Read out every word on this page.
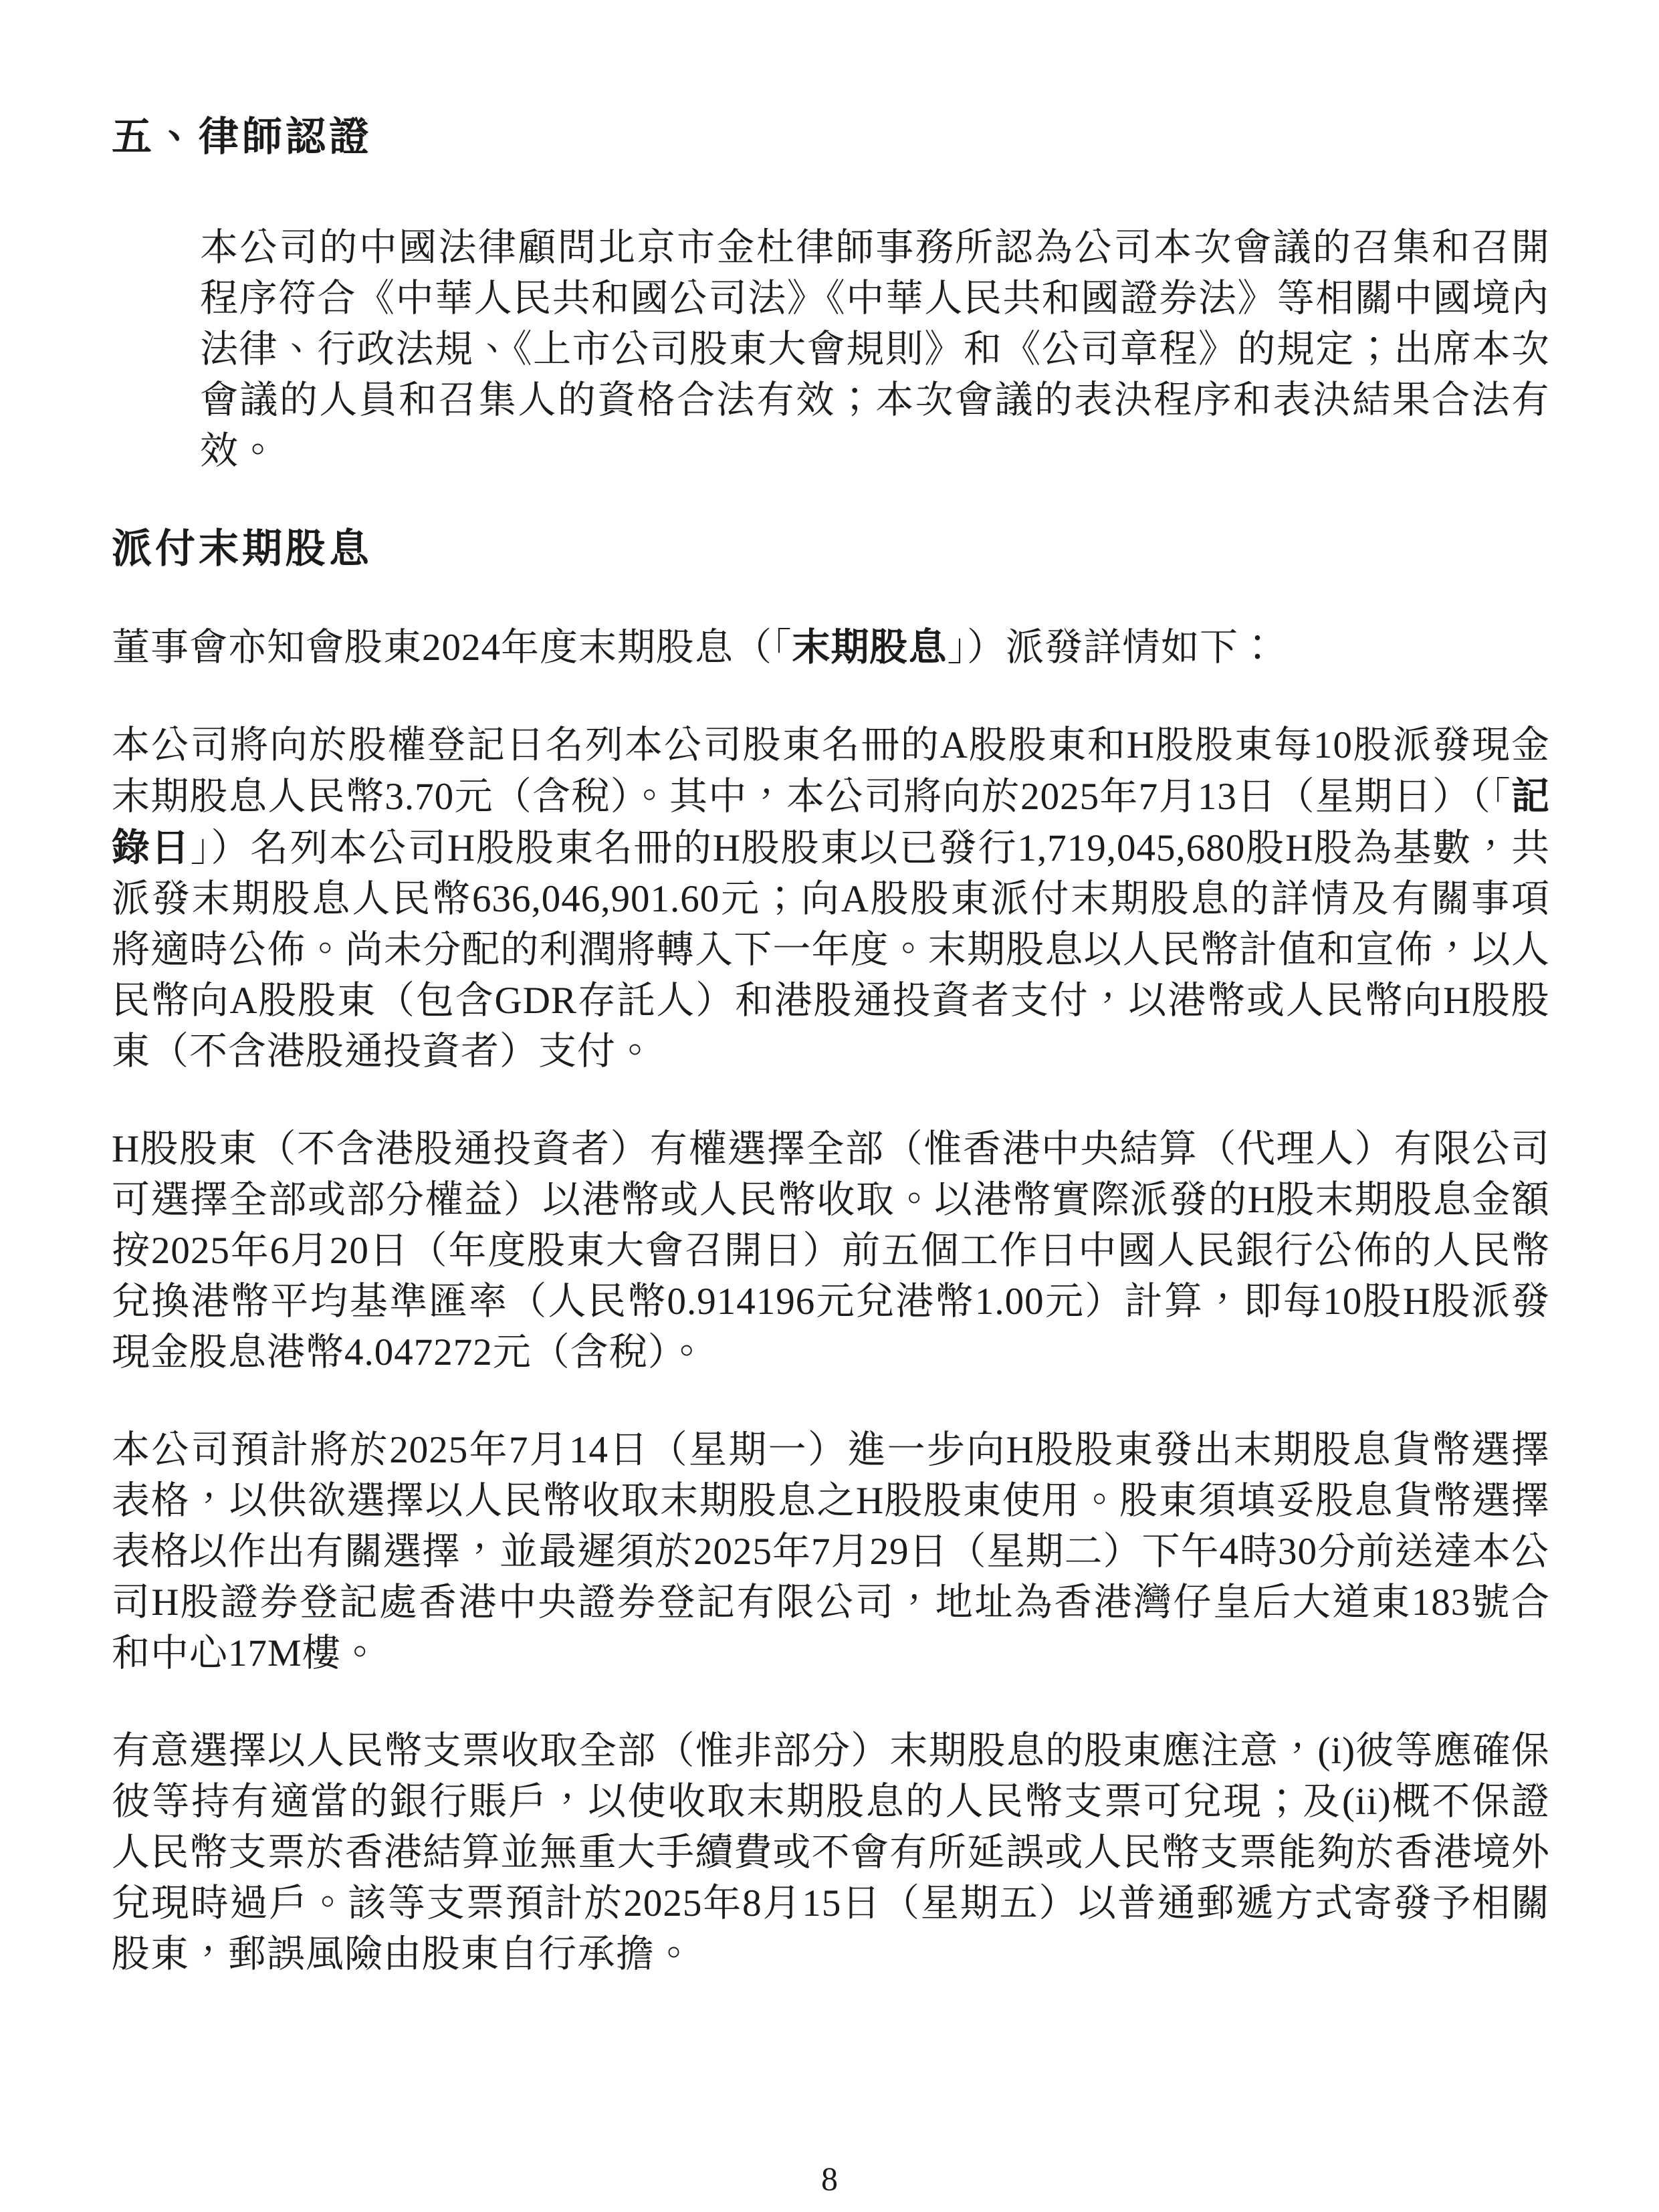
五、律師認證

本公司的中國法律顧問北京市金杜律師事務所認為公司本次會議的召集和召開程序符合《中華人民共和國公司法》《中華人民共和國證券法》等相關中國境內法律、行政法規、《上市公司股東大會規則》和《公司章程》的規定；出席本次會議的人員和召集人的資格合法有效；本次會議的表決程序和表決結果合法有效。

派付末期股息

董事會亦知會股東2024年度末期股息（「末期股息」）派發詳情如下：

本公司將向於股權登記日名列本公司股東名冊的A股股東和H股股東每10股派發現金末期股息人民幣3.70元（含稅）。其中，本公司將向於2025年7月13日（星期日）（「記錄日」）名列本公司H股股東名冊的H股股東以已發行1,719,045,680股H股為基數，共派發末期股息人民幣636,046,901.60元；向A股股東派付末期股息的詳情及有關事項將適時公佈。尚未分配的利潤將轉入下一年度。末期股息以人民幣計值和宣佈，以人民幣向A股股東（包含GDR存託人）和港股通投資者支付，以港幣或人民幣向H股股東（不含港股通投資者）支付。

H股股東（不含港股通投資者）有權選擇全部（惟香港中央結算（代理人）有限公司可選擇全部或部分權益）以港幣或人民幣收取。以港幣實際派發的H股末期股息金額按2025年6月20日（年度股東大會召開日）前五個工作日中國人民銀行公佈的人民幣兌換港幣平均基準匯率（人民幣0.914196元兌港幣1.00元）計算，即每10股H股派發現金股息港幣4.047272元（含稅）。

本公司預計將於2025年7月14日（星期一）進一步向H股股東發出末期股息貨幣選擇表格，以供欲選擇以人民幣收取末期股息之H股股東使用。股東須填妥股息貨幣選擇表格以作出有關選擇，並最遲須於2025年7月29日（星期二）下午4時30分前送達本公司H股證券登記處香港中央證券登記有限公司，地址為香港灣仔皇后大道東183號合和中心17M樓。

有意選擇以人民幣支票收取全部（惟非部分）末期股息的股東應注意，(i)彼等應確保彼等持有適當的銀行賬戶，以使收取末期股息的人民幣支票可兌現；及(ii)概不保證人民幣支票於香港結算並無重大手續費或不會有所延誤或人民幣支票能夠於香港境外兌現時過戶。該等支票預計於2025年8月15日（星期五）以普通郵遞方式寄發予相關股東，郵誤風險由股東自行承擔。

8
